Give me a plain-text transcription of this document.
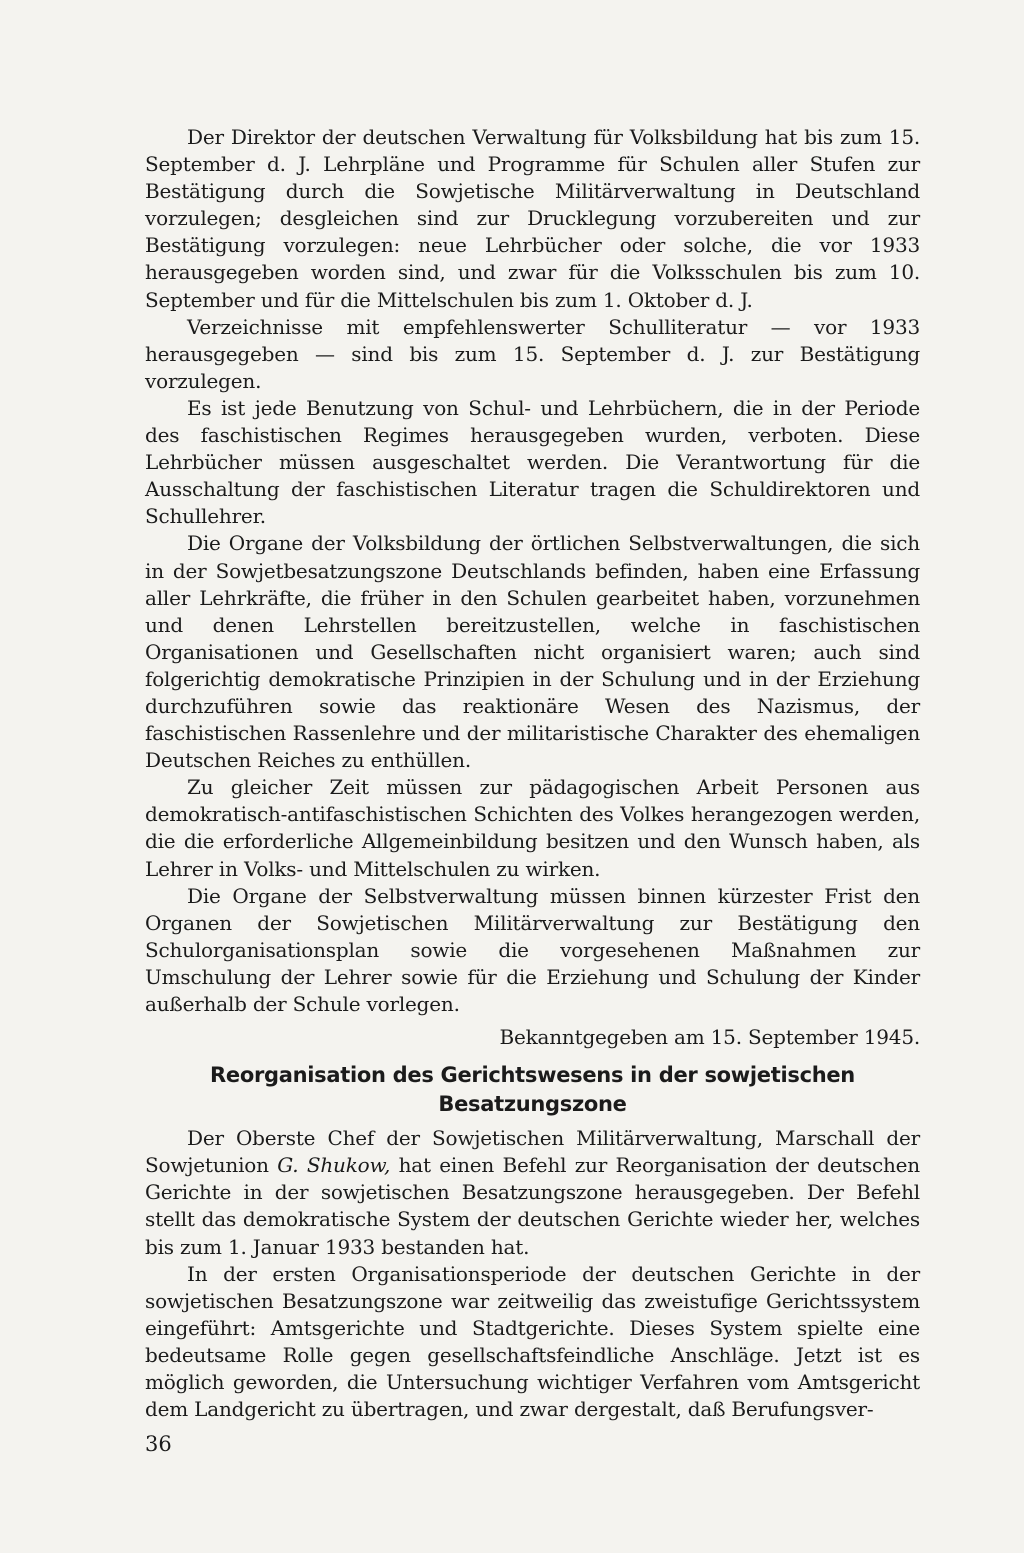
Der Direktor der deutschen Verwaltung für Volksbildung hat bis zum 15. September d. J. Lehrpläne und Programme für Schulen aller Stufen zur Bestätigung durch die Sowjetische Militärverwaltung in Deutschland vorzulegen; desgleichen sind zur Drucklegung vorzubereiten und zur Bestätigung vorzulegen: neue Lehrbücher oder solche, die vor 1933 herausgegeben worden sind, und zwar für die Volksschulen bis zum 10. September und für die Mittelschulen bis zum 1. Oktober d. J.

Verzeichnisse mit empfehlenswerter Schulliteratur — vor 1933 herausgegeben — sind bis zum 15. September d. J. zur Bestätigung vorzulegen.

Es ist jede Benutzung von Schul- und Lehrbüchern, die in der Periode des faschistischen Regimes herausgegeben wurden, verboten. Diese Lehrbücher müssen ausgeschaltet werden. Die Verantwortung für die Ausschaltung der faschistischen Literatur tragen die Schuldirektoren und Schullehrer.

Die Organe der Volksbildung der örtlichen Selbstverwaltungen, die sich in der Sowjetbesatzungszone Deutschlands befinden, haben eine Erfassung aller Lehrkräfte, die früher in den Schulen gearbeitet haben, vorzunehmen und denen Lehrstellen bereitzustellen, welche in faschistischen Organisationen und Gesellschaften nicht organisiert waren; auch sind folgerichtig demokratische Prinzipien in der Schulung und in der Erziehung durchzuführen sowie das reaktionäre Wesen des Nazismus, der faschistischen Rassenlehre und der militaristische Charakter des ehemaligen Deutschen Reiches zu enthüllen.

Zu gleicher Zeit müssen zur pädagogischen Arbeit Personen aus demokratisch-antifaschistischen Schichten des Volkes herangezogen werden, die die erforderliche Allgemeinbildung besitzen und den Wunsch haben, als Lehrer in Volks- und Mittelschulen zu wirken.

Die Organe der Selbstverwaltung müssen binnen kürzester Frist den Organen der Sowjetischen Militärverwaltung zur Bestätigung den Schulorganisationsplan sowie die vorgesehenen Maßnahmen zur Umschulung der Lehrer sowie für die Erziehung und Schulung der Kinder außerhalb der Schule vorlegen.

Bekanntgegeben am 15. September 1945.

Reorganisation des Gerichtswesens in der sowjetischen Besatzungszone

Der Oberste Chef der Sowjetischen Militärverwaltung, Marschall der Sowjetunion G. Shukow, hat einen Befehl zur Reorganisation der deutschen Gerichte in der sowjetischen Besatzungszone herausgegeben. Der Befehl stellt das demokratische System der deutschen Gerichte wieder her, welches bis zum 1. Januar 1933 bestanden hat.

In der ersten Organisationsperiode der deutschen Gerichte in der sowjetischen Besatzungszone war zeitweilig das zweistufige Gerichtssystem eingeführt: Amtsgerichte und Stadtgerichte. Dieses System spielte eine bedeutsame Rolle gegen gesellschaftsfeindliche Anschläge. Jetzt ist es möglich geworden, die Untersuchung wichtiger Verfahren vom Amtsgericht dem Landgericht zu übertragen, und zwar dergestalt, daß Berufungsver-

36
